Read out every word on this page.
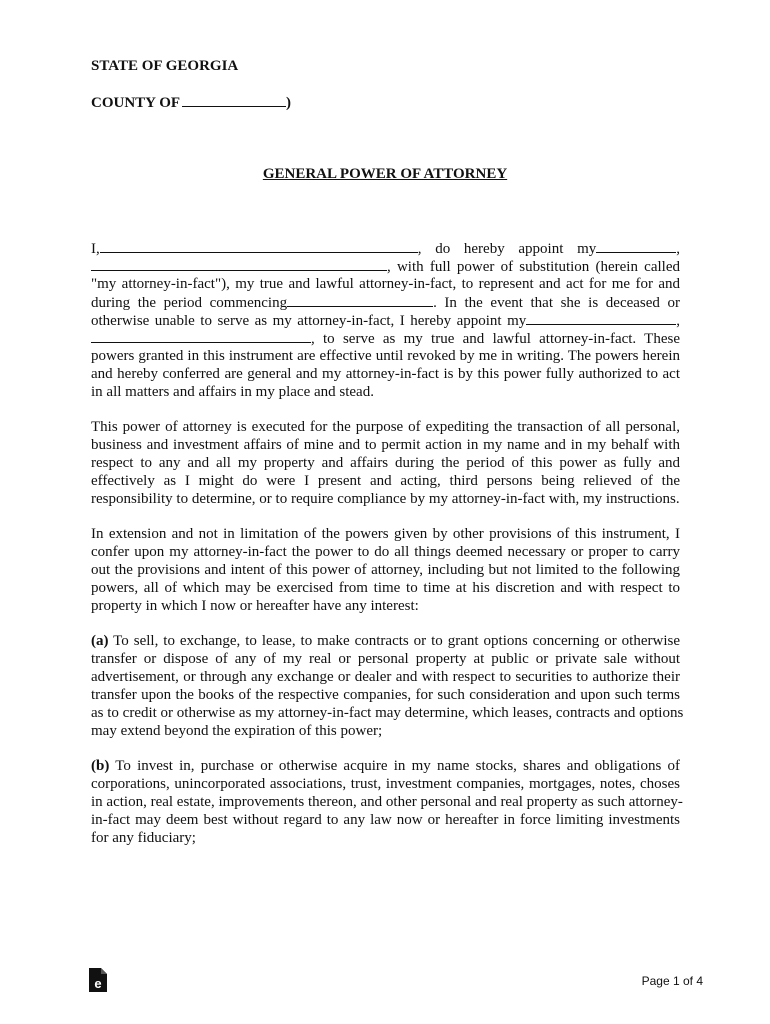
STATE OF GEORGIA
COUNTY OF	)
GENERAL POWER OF ATTORNEY
I,	, do hereby appoint my	,
, with full power of substitution (herein called
"my attorney-in-fact"), my true and lawful attorney-in-fact, to represent and act for me for and
during the period commencing	. In the event that she is deceased or
otherwise unable to serve as my attorney-in-fact, I hereby appoint my	,
, to serve as my true and lawful attorney-in-fact. These
powers granted in this instrument are effective until revoked by me in writing. The powers herein
and hereby conferred are general and my attorney-in-fact is by this power fully authorized to act
in all matters and affairs in my place and stead.
This power of attorney is executed for the purpose of expediting the transaction of all personal,
business and investment affairs of mine and to permit action in my name and in my behalf with
respect to any and all my property and affairs during the period of this power as fully and
effectively as I might do were I present and acting, third persons being relieved of the
responsibility to determine, or to require compliance by my attorney-in-fact with, my instructions.
In extension and not in limitation of the powers given by other provisions of this instrument, I
confer upon my attorney-in-fact the power to do all things deemed necessary or proper to carry
out the provisions and intent of this power of attorney, including but not limited to the following
powers, all of which may be exercised from time to time at his discretion and with respect to
property in which I now or hereafter have any interest:
(a) To sell, to exchange, to lease, to make contracts or to grant options concerning or otherwise
transfer or dispose of any of my real or personal property at public or private sale without
advertisement, or through any exchange or dealer and with respect to securities to authorize their
transfer upon the books of the respective companies, for such consideration and upon such terms
as to credit or otherwise as my attorney-in-fact may determine, which leases, contracts and options
may extend beyond the expiration of this power;
(b) To invest in, purchase or otherwise acquire in my name stocks, shares and obligations of
corporations, unincorporated associations, trust, investment companies, mortgages, notes, choses
in action, real estate, improvements thereon, and other personal and real property as such attorney-
in-fact may deem best without regard to any law now or hereafter in force limiting investments
for any fiduciary;
e	Page 1 of 4
